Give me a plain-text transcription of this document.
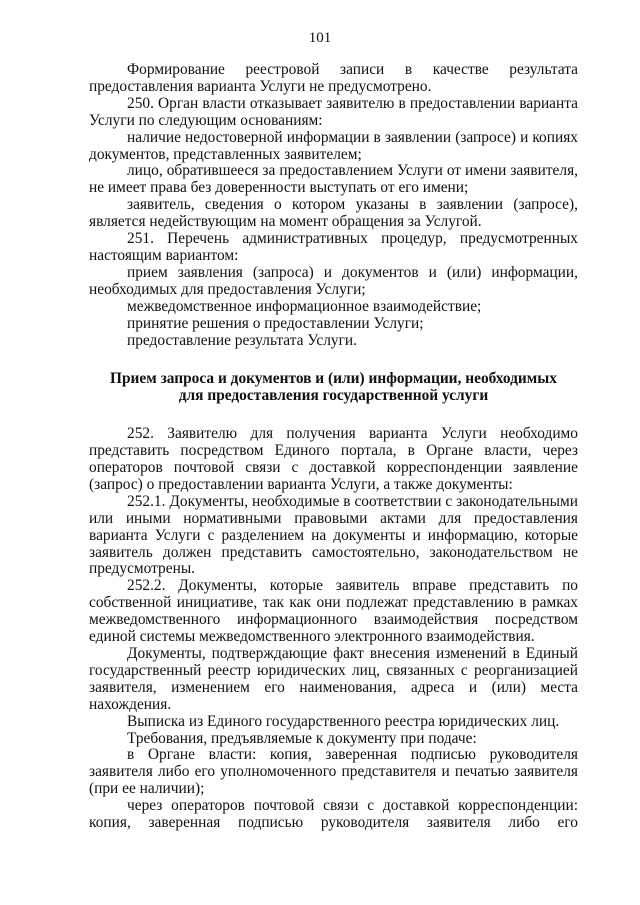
101

Формирование реестровой записи в качестве результата предоставления варианта Услуги не предусмотрено.

250. Орган власти отказывает заявителю в предоставлении варианта Услуги по следующим основаниям:

наличие недостоверной информации в заявлении (запросе) и копиях документов, представленных заявителем;

лицо, обратившееся за предоставлением Услуги от имени заявителя, не имеет права без доверенности выступать от его имени;

заявитель, сведения о котором указаны в заявлении (запросе), является недействующим на момент обращения за Услугой.

251. Перечень административных процедур, предусмотренных настоящим вариантом:

прием заявления (запроса) и документов и (или) информации, необходимых для предоставления Услуги;

межведомственное информационное взаимодействие;

принятие решения о предоставлении Услуги;

предоставление результата Услуги.

Прием запроса и документов и (или) информации, необходимых
для предоставления государственной услуги

252. Заявителю для получения варианта Услуги необходимо представить посредством Единого портала, в Органе власти, через операторов почтовой связи с доставкой корреспонденции заявление (запрос) о предоставлении варианта Услуги, а также документы:

252.1. Документы, необходимые в соответствии с законодательными или иными нормативными правовыми актами для предоставления варианта Услуги с разделением на документы и информацию, которые заявитель должен представить самостоятельно, законодательством не предусмотрены.

252.2. Документы, которые заявитель вправе представить по собственной инициативе, так как они подлежат представлению в рамках межведомственного информационного взаимодействия посредством единой системы межведомственного электронного взаимодействия.

Документы, подтверждающие факт внесения изменений в Единый государственный реестр юридических лиц, связанных с реорганизацией заявителя, изменением его наименования, адреса и (или) места нахождения.

Выписка из Единого государственного реестра юридических лиц.

Требования, предъявляемые к документу при подаче:

в Органе власти: копия, заверенная подписью руководителя заявителя либо его уполномоченного представителя и печатью заявителя (при ее наличии);

через операторов почтовой связи с доставкой корреспонденции: копия, заверенная подписью руководителя заявителя либо его
